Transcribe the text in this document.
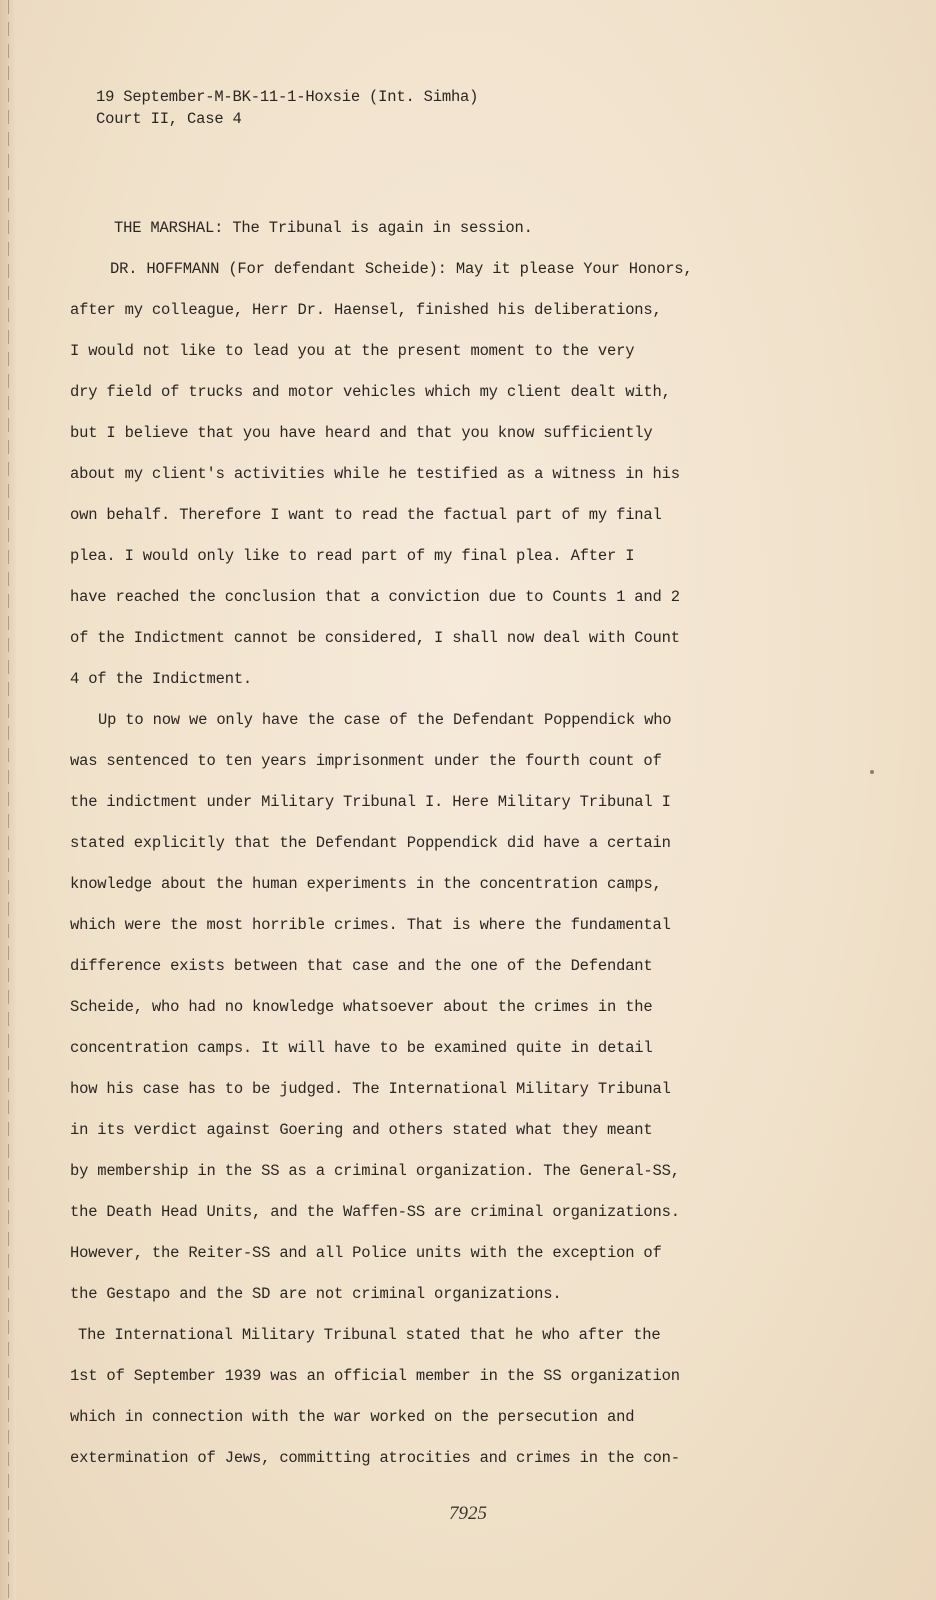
19 September-M-BK-11-1-Hoxsie (Int. Simha)
Court II, Case 4
THE MARSHAL: The Tribunal is again in session.
DR. HOFFMANN (For defendant Scheide): May it please Your Honors,
after my colleague, Herr Dr. Haensel, finished his deliberations,
I would not like to lead you at the present moment to the very
dry field of trucks and motor vehicles which my client dealt with,
but I believe that you have heard and that you know sufficiently
about my client's activities while he testified as a witness in his
own behalf. Therefore I want to read the factual part of my final
plea. I would only like to read part of my final plea. After I
have reached the conclusion that a conviction due to Counts 1 and 2
of the Indictment cannot be considered, I shall now deal with Count
4 of the Indictment.
Up to now we only have the case of the Defendant Poppendick who
was sentenced to ten years imprisonment under the fourth count of
the indictment under Military Tribunal I. Here Military Tribunal I
stated explicitly that the Defendant Poppendick did have a certain
knowledge about the human experiments in the concentration camps,
which were the most horrible crimes. That is where the fundamental
difference exists between that case and the one of the Defendant
Scheide, who had no knowledge whatsoever about the crimes in the
concentration camps. It will have to be examined quite in detail
how his case has to be judged. The International Military Tribunal
in its verdict against Goering and others stated what they meant
by membership in the SS as a criminal organization. The General-SS,
the Death Head Units, and the Waffen-SS are criminal organizations.
However, the Reiter-SS and all Police units with the exception of
the Gestapo and the SD are not criminal organizations.
The International Military Tribunal stated that he who after the
1st of September 1939 was an official member in the SS organization
which in connection with the war worked on the persecution and
extermination of Jews, committing atrocities and crimes in the con-
7925
